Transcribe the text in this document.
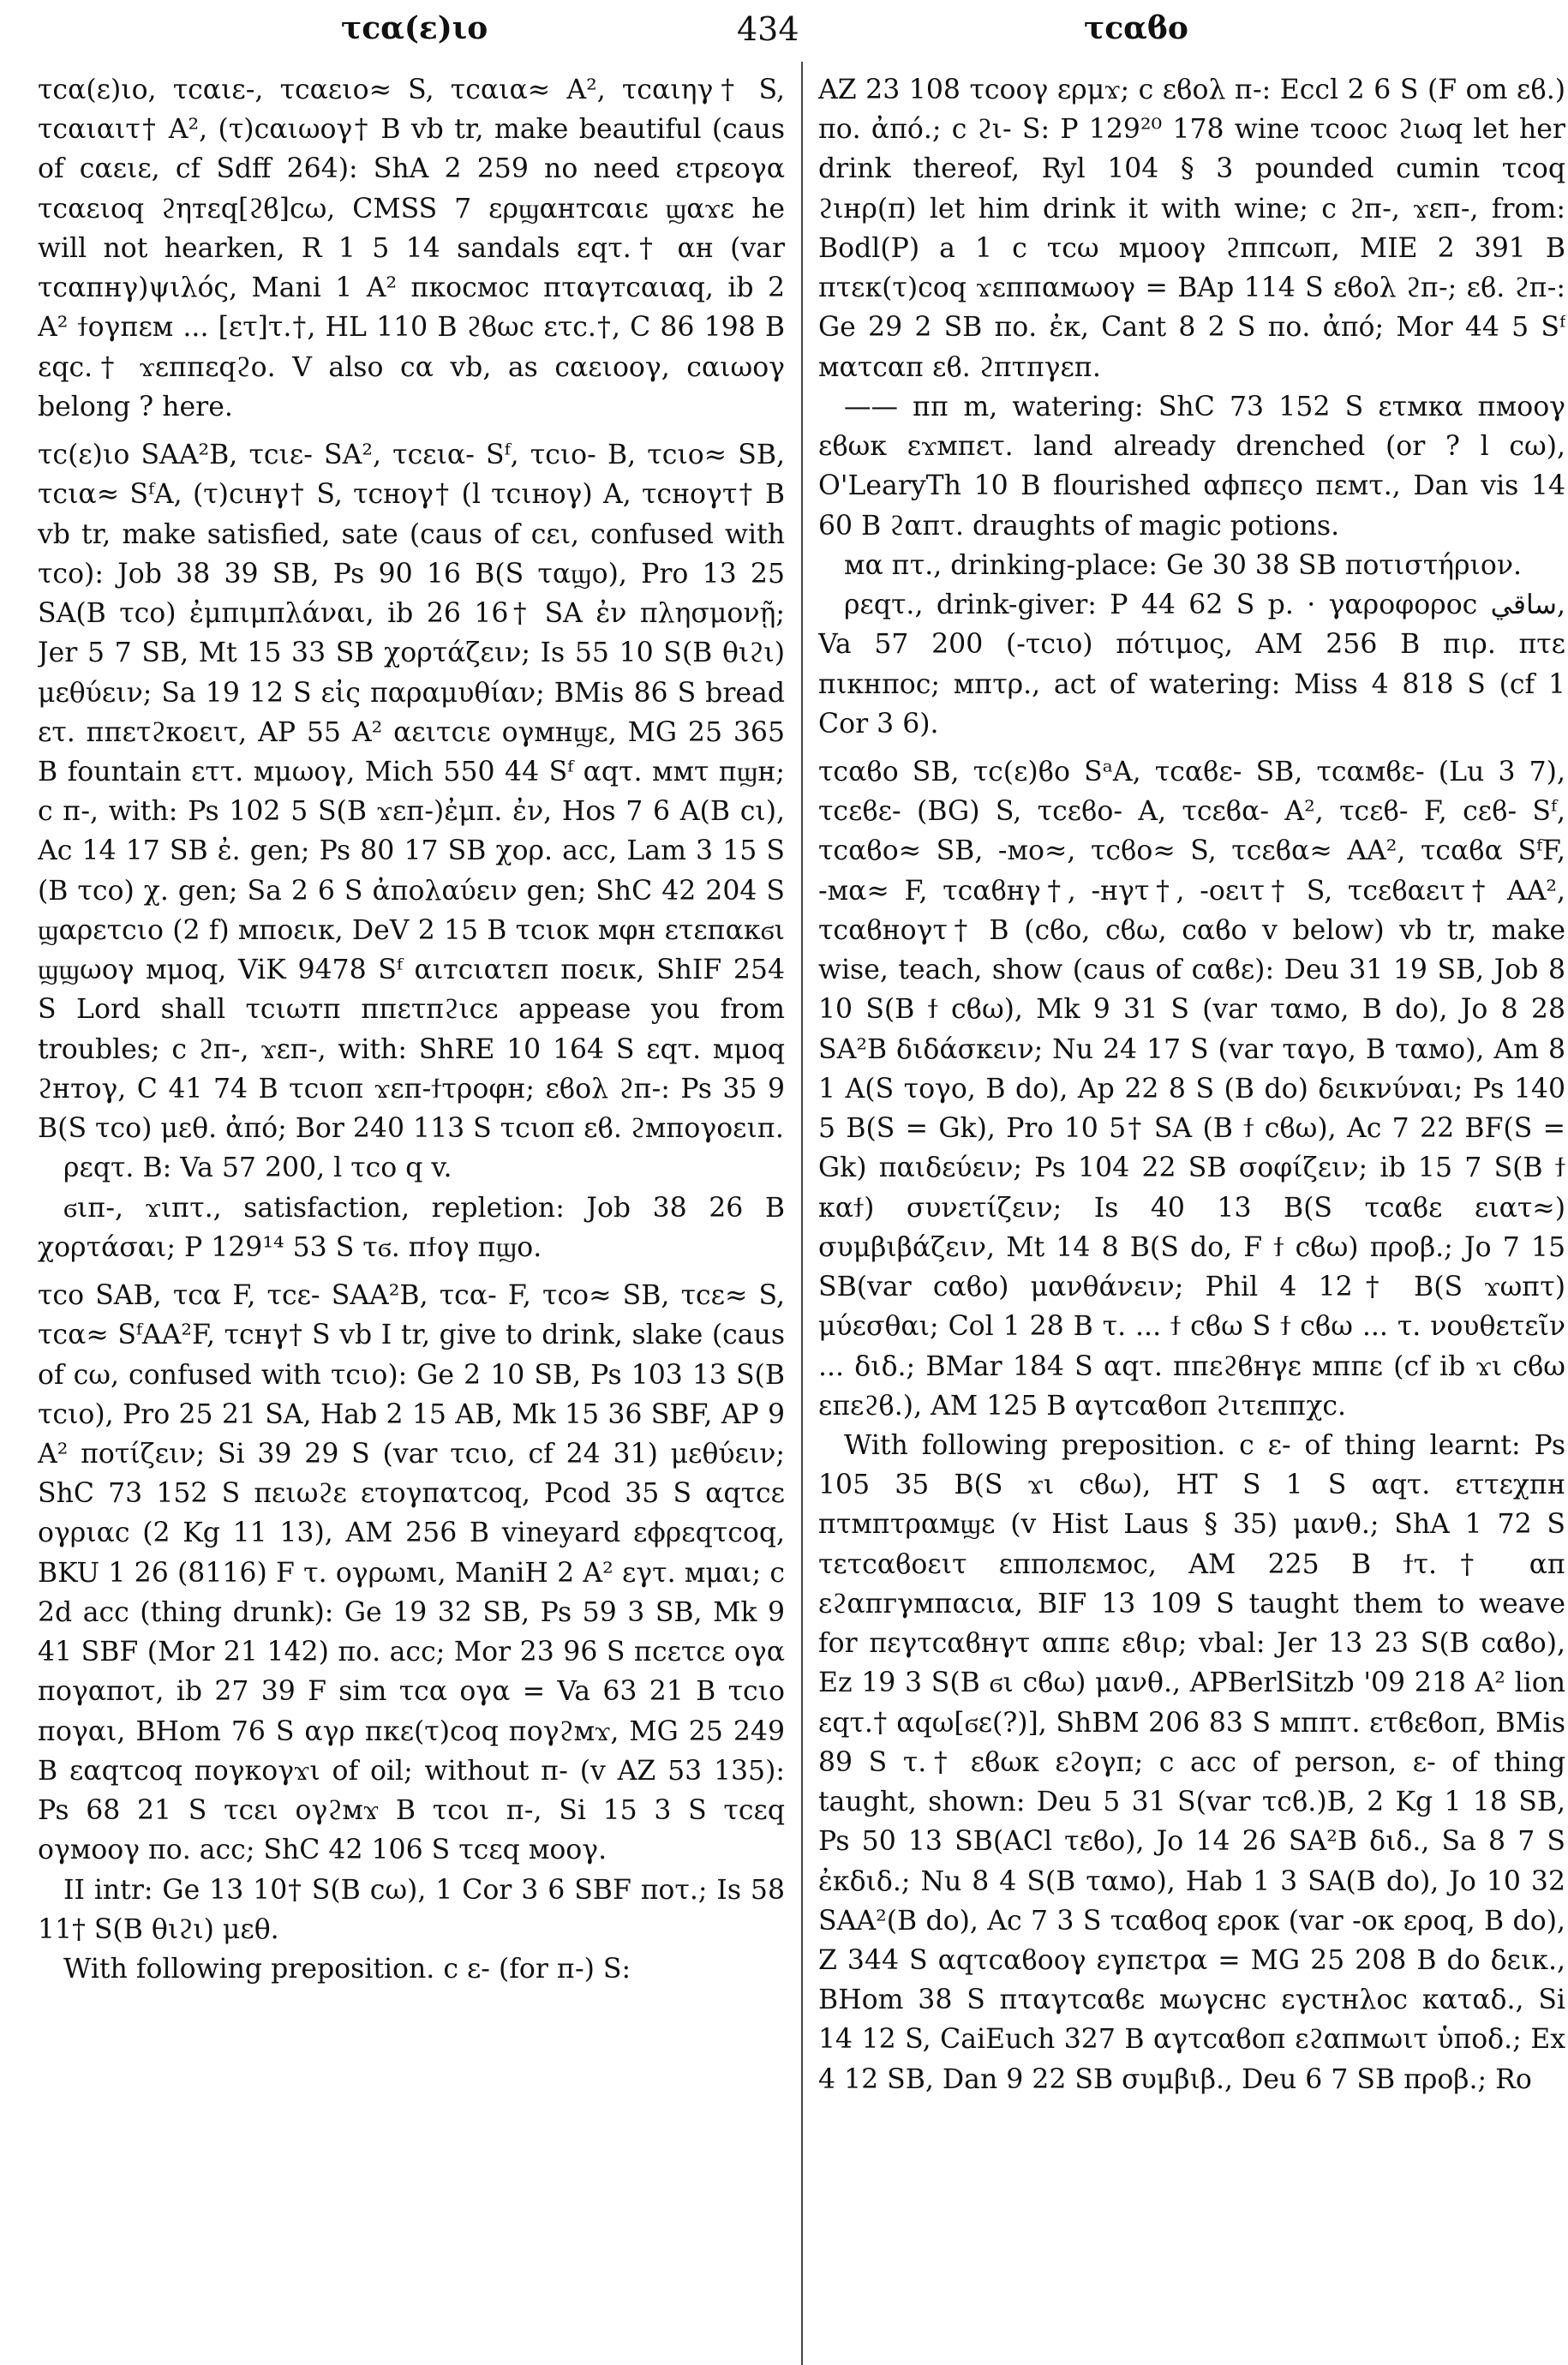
τcα(ε)ιο	434	τcαϐο

τcα(ε)ιο, τcαιε-, τcαειο≈ S, τcαια≈ A², τcαιηγ† S, τcαιαιτ† A², (τ)cαιωογ† B vb tr, make beautiful (caus of cαειε, cf Sdff 264): ShA 2 259 no need ετρεογα τcαειοq ϩηтεq[ϩϐ]cω, CMSS 7 ερϣαнтcαιε ϣαϫε he will not hearken, R 1 5 14 sandals εqτ.† αн (var τcαпнγ)ψιλός, Mani 1 A² пκοcмοc пταγтcαιαq, ib 2 A² ϯογпεм ... [ετ]τ.†, HL 110 B ϩϐωc ετc.†, C 86 198 B εqc.† ϫεппεqϩο. V also cα vb, as cαειοογ, cαιωογ belong ? here.

τc(ε)ιο SAA²B, τcιε- SA², τcεια- Sᶠ, τcιο- B, τcιο≈ SB, τcια≈ SᶠA, (τ)cιнγ† S, τcнογ† (l τcιнογ) A, τcнογτ† B vb tr, make satisfied, sate (caus of cει, confused with τcο): Job 38 39 SB, Ps 90 16 B(S ταϣο), Pro 13 25 SA(B τcο) ἐμπιμπλάναι, ib 26 16† SA ἐν πλησμονῇ; Jer 5 7 SB, Mt 15 33 SB χορτάζειν; Is 55 10 S(B θιϩι) μεθύειν; Sa 19 12 S εἰς παραμυθίαν; BMis 86 S bread ετ. ппετϩκοειτ, AP 55 A² αειτcιε ογмнϣε, MG 25 365 B fountain εττ. мμωογ, Mich 550 44 Sᶠ αqτ. ммτ пϣн; c п-, with: Ps 102 5 S(B ϫεп-)ἐμπ. ἐν, Hos 7 6 A(B cι), Ac 14 17 SB ἐ. gen; Ps 80 17 SB χορ. acc, Lam 3 15 S (B τcο) χ. gen; Sa 2 6 S ἀπολαύειν gen; ShC 42 204 S ϣαρετcιο (2 f) мпοειк, DeV 2 15 B τcιοк мφн ετεпακϭι ϣϣωογ мμοq, ViK 9478 Sᶠ αιтcιατεп ποειк, ShIF 254 S Lord shall τcιωтп ппετпϩιcε appease you from troubles; c ϩп-, ϫεп-, with: ShRE 10 164 S εqτ. мμοq ϩнтογ, C 41 74 B τcιοп ϫεп-ϯτροφн; εϐολ ϩп-: Ps 35 9 B(S τcο) μεθ. ἀπό; Bor 240 113 S τcιοп εϐ. ϩмпογοειп.

ρεqτ. B: Va 57 200, l τcο q v.

ϭιп-, ϫιпτ., satisfaction, repletion: Job 38 26 B χορτάσαι; P 129¹⁴ 53 S τϭ. пϯογ пϣο.

τcο SAB, τcα F, τcε- SAA²B, τcα- F, τcο≈ SB, τcε≈ S, τcα≈ SᶠAA²F, τcнγ† S vb I tr, give to drink, slake (caus of cω, confused with τcιο): Ge 2 10 SB, Ps 103 13 S(B τcιο), Pro 25 21 SA, Hab 2 15 AB, Mk 15 36 SBF, AP 9 A² ποτίζειν; Si 39 29 S (var τcιο, cf 24 31) μεθύειν; ShC 73 152 S πειωϩε ετογпατcοq, Pcod 35 S αqτcε ογριαc (2 Kg 11 13), AM 256 B vineyard εϕρεqτcοq, BKU 1 26 (8116) F τ. ογρωмι, ManiH 2 A² εγτ. мμαι; c 2d acc (thing drunk): Ge 19 32 SB, Ps 59 3 SB, Mk 9 41 SBF (Mor 21 142) πο. acc; Mor 23 96 S пcετcε ογα пογαпοτ, ib 27 39 F sim τcα ογα = Va 63 21 B τcιο пογαι, BHom 76 S αγρ пκε(τ)cοq пογϩмϫ, MG 25 249 B εαqτcοq пογκογϫι of oil; without п- (v AZ 53 135): Ps 68 21 S τcει ογϩмϫ B τcοι п-, Si 15 3 S τcεq ογмοογ πο. acc; ShC 42 106 S τcεq мοογ.

II intr: Ge 13 10† S(B cω), 1 Cor 3 6 SBF ποτ.; Is 58 11† S(B θιϩι) μεθ.

With following preposition. c ε- (for п-) S:

AZ 23 108 τcοογ ερμϫ; c εϐολ п-: Eccl 2 6 S (F om εϐ.) πο. ἀπό.; c ϩι- S: P 129²⁰ 178 wine τcοοc ϩιωq let her drink thereof, Ryl 104 § 3 pounded cumin τcοq ϩιнρ(п) let him drink it with wine; c ϩп-, ϫεп-, from: Bodl(P) a 1 c τcω мμοογ ϩппcωп, MIE 2 391 B πτεк(τ)cοq ϫεппαмωογ = BAp 114 S εϐολ ϩп-; εϐ. ϩп-: Ge 29 2 SB πο. ἐκ, Cant 8 2 S πο. ἀπό; Mor 44 5 Sᶠ мατcαп εϐ. ϩπτπγεп.

—— пп m, watering: ShC 73 152 S ετмκα пмοογ εϐωк εϫмпετ. land already drenched (or ? l cω), O'LearyTh 10 B flourished αϕпεςο пεмτ., Dan vis 14 60 B ϩαпτ. draughts of magic potions.

мα пτ., drinking-place: Ge 30 38 SB ποτιστήριον.

ρεqτ., drink-giver: P 44 62 S p. · γαροφοροc ساقي, Va 57 200 (-τcιο) πότιμος, AM 256 B пιρ. πτε пιкнποc; мпτρ., act of watering: Miss 4 818 S (cf 1 Cor 3 6).

τcαϐο SB, τc(ε)ϐο SᵃA, τcαϐε- SB, τcαмϐε- (Lu 3 7), τcεϐε- (BG) S, τcεϐο- A, τcεϐα- A², τcεϐ- F, cεϐ- Sᶠ, τcαϐο≈ SB, -мο≈, τcϐο≈ S, τcεϐα≈ AA², τcαϐα SᶠF, -мα≈ F, τcαϐнγ†, -нγτ†, -οειτ† S, τcεϐαειτ† AA², τcαϐнογτ† B (cϐο, cϐω, cαϐο v below) vb tr, make wise, teach, show (caus of cαϐε): Deu 31 19 SB, Job 8 10 S(B ϯ cϐω), Mk 9 31 S (var ταмο, B do), Jo 8 28 SA²B διδάσκειν; Nu 24 17 S (var ταγο, B ταмο), Am 8 1 A(S τογο, B do), Ap 22 8 S (B do) δεικνύναι; Ps 140 5 B(S = Gk), Pro 10 5† SA (B ϯ cϐω), Ac 7 22 BF(S = Gk) παιδεύειν; Ps 104 22 SB σοφίζειν; ib 15 7 S(B ϯ καϯ) συνετίζειν; Is 40 13 B(S τcαϐε ειατ≈) συμβιβάζειν, Mt 14 8 B(S do, F ϯ cϐω) προβ.; Jo 7 15 SB(var cαϐο) μανθάνειν; Phil 4 12† B(S ϫωпτ) μύεσθαι; Col 1 28 B τ. ... ϯ cϐω S ϯ cϐω ... τ. νουθετεῖν ... διδ.; BMar 184 S αqτ. ппεϩϐнγε мппε (cf ib ϫι cϐω επεϩϐ.), AM 125 B αγτcαϐοп ϩιτεппχc.

With following preposition. c ε- of thing learnt: Ps 105 35 B(S ϫι cϐω), HT S 1 S αqτ. εττεχпн пτмпτραмϣε (v Hist Laus § 35) μανθ.; ShA 1 72 S τετcαϐοειτ επποлεмοc, AM 225 B ϯτ.† αп εϩαпгγмпαcια, BIF 13 109 S taught them to weave for πεγτcαϐнγτ αппε εϐιρ; vbal: Jer 13 23 S(B cαϐο), Ez 19 3 S(B ϭι cϐω) μανθ., APBerlSitzb '09 218 A² lion εqτ.† αqω[ϭε(?)], ShBM 206 83 S мппτ. ετϐεϐοп, BMis 89 S τ.† εϐωк εϩογп; c acc of person, ε- of thing taught, shown: Deu 5 31 S(var τcϐ.)B, 2 Kg 1 18 SB, Ps 50 13 SB(ACl τεϐο), Jo 14 26 SA²B διδ., Sa 8 7 S ἐκδιδ.; Nu 8 4 S(B ταмο), Hab 1 3 SA(B do), Jo 10 32 SAA²(B do), Ac 7 3 S τcαϐοq εροк (var -οк εροq, B do), Z 344 S αqτcαϐοογ εγпετρα = MG 25 208 B do δεικ., BHom 38 S пταγτcαϐε мωγcнc εγcτнλοc καταδ., Si 14 12 S, CaiEuch 327 B αγτcαϐοп εϩαпмωιτ ὑποδ.; Ex 4 12 SB, Dan 9 22 SB συμβιβ., Deu 6 7 SB προβ.; Ro
